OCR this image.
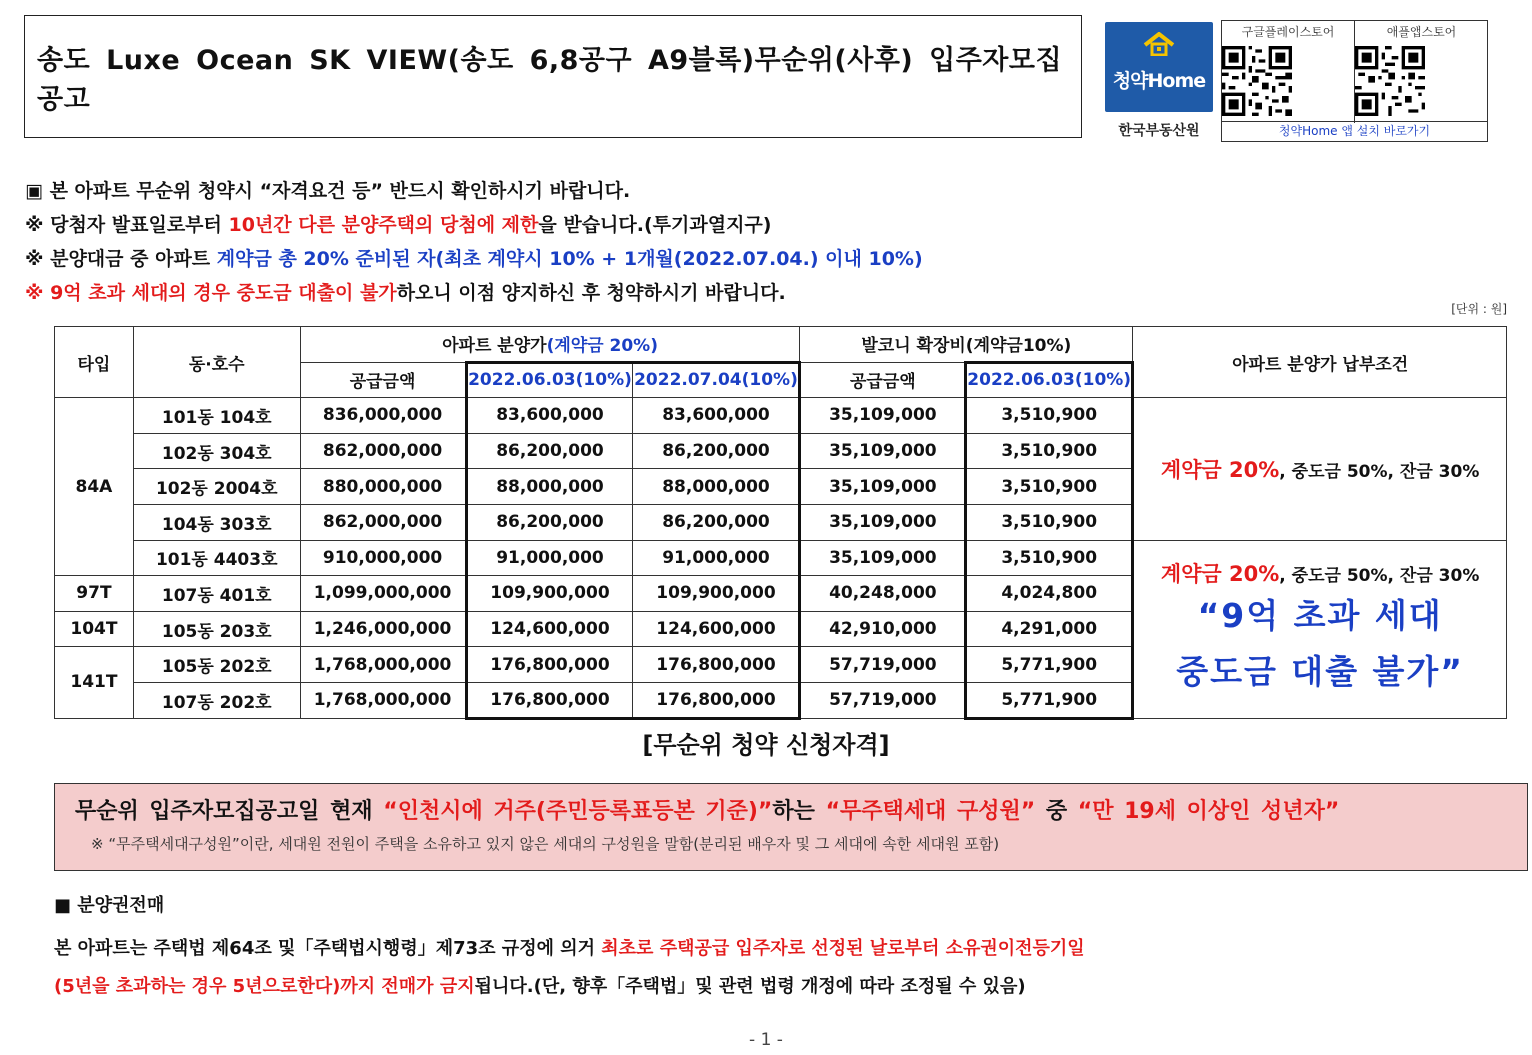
송도 Luxe Ocean SK VIEW(송도 6,8공구 A9블록)무순위(사후) 입주자모집공고
청약Home
한국부동산원
구글플레이스토어	애플앱스토어
청약Home 앱 설치 바로가기
▣ 본 아파트 무순위 청약시 “자격요건 등” 반드시 확인하시기 바랍니다.
※ 당첨자 발표일로부터 10년간 다른 분양주택의 당첨에 제한을 받습니다.(투기과열지구)
※ 분양대금 중 아파트 계약금 총 20% 준비된 자(최초 계약시 10% + 1개월(2022.07.04.) 이내 10%)
※ 9억 초과 세대의 경우 중도금 대출이 불가하오니 이점 양지하신 후 청약하시기 바랍니다.
[단위 : 원]
타입	동·호수	아파트 분양가(계약금 20%)			발코니 확장비(계약금10%)		아파트 분양가 납부조건
		공급금액	2022.06.03(10%)	2022.07.04(10%)	공급금액	2022.06.03(10%)	
84A	101동 104호	836,000,000	83,600,000	83,600,000	35,109,000	3,510,900	계약금 20%, 중도금 50%, 잔금 30%
	102동 304호	862,000,000	86,200,000	86,200,000	35,109,000	3,510,900	
	102동 2004호	880,000,000	88,000,000	88,000,000	35,109,000	3,510,900	
	104동 303호	862,000,000	86,200,000	86,200,000	35,109,000	3,510,900	
	101동 4403호	910,000,000	91,000,000	91,000,000	35,109,000	3,510,900	계약금 20%, 중도금 50%, 잔금 30%
“9억 초과 세대
중도금 대출 불가”

97T	107동 401호	1,099,000,000	109,900,000	109,900,000	40,248,000	4,024,800	
104T	105동 203호	1,246,000,000	124,600,000	124,600,000	42,910,000	4,291,000	
141T	105동 202호	1,768,000,000	176,800,000	176,800,000	57,719,000	5,771,900	
	107동 202호	1,768,000,000	176,800,000	176,800,000	57,719,000	5,771,900	
[무순위 청약 신청자격]
무순위 입주자모집공고일 현재 “인천시에 거주(주민등록표등본 기준)”하는 “무주택세대 구성원” 중 “만 19세 이상인 성년자”
※ “무주택세대구성원”이란, 세대원 전원이 주택을 소유하고 있지 않은 세대의 구성원을 말함(분리된 배우자 및 그 세대에 속한 세대원 포함)
■ 분양권전매
본 아파트는 주택법 제64조 및「주택법시행령」제73조 규정에 의거 최초로 주택공급 입주자로 선정된 날로부터 소유권이전등기일
(5년을 초과하는 경우 5년으로한다)까지 전매가 금지됩니다.(단, 향후「주택법」및 관련 법령 개정에 따라 조정될 수 있음)
- 1 -
